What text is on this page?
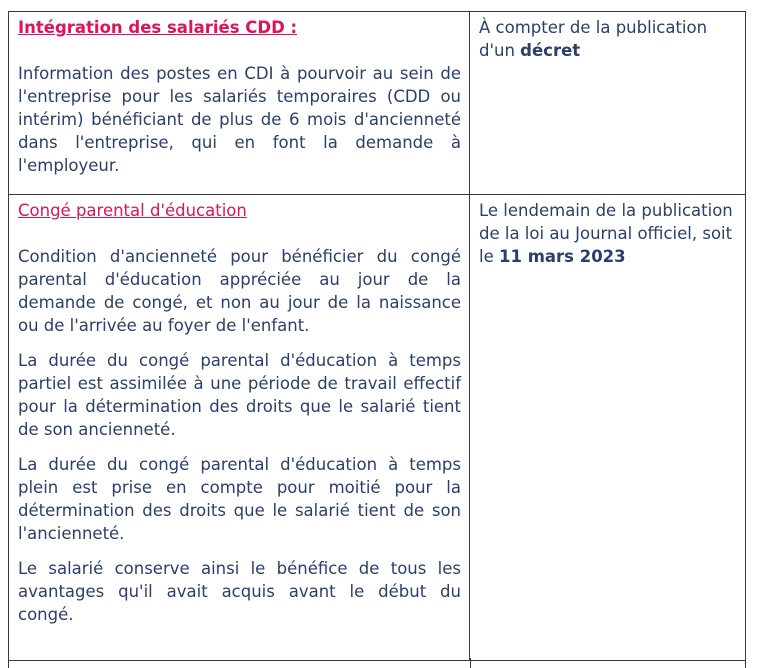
Intégration des salariés CDD :

Information des postes en CDI à pourvoir au sein de l'entreprise pour les salariés temporaires (CDD ou intérim) bénéficiant de plus de 6 mois d'ancienneté dans l'entreprise, qui en font la demande à l'employeur.

À compter de la publication d'un décret

Congé parental d'éducation

Condition d'ancienneté pour bénéficier du congé parental d'éducation appréciée au jour de la demande de congé, et non au jour de la naissance ou de l'arrivée au foyer de l'enfant.

La durée du congé parental d'éducation à temps partiel est assimilée à une période de travail effectif pour la détermination des droits que le salarié tient de son ancienneté.

La durée du congé parental d'éducation à temps plein est prise en compte pour moitié pour la détermination des droits que le salarié tient de son l'ancienneté.

Le salarié conserve ainsi le bénéfice de tous les avantages qu'il avait acquis avant le début du congé.

Le lendemain de la publication de la loi au Journal officiel, soit le 11 mars 2023
